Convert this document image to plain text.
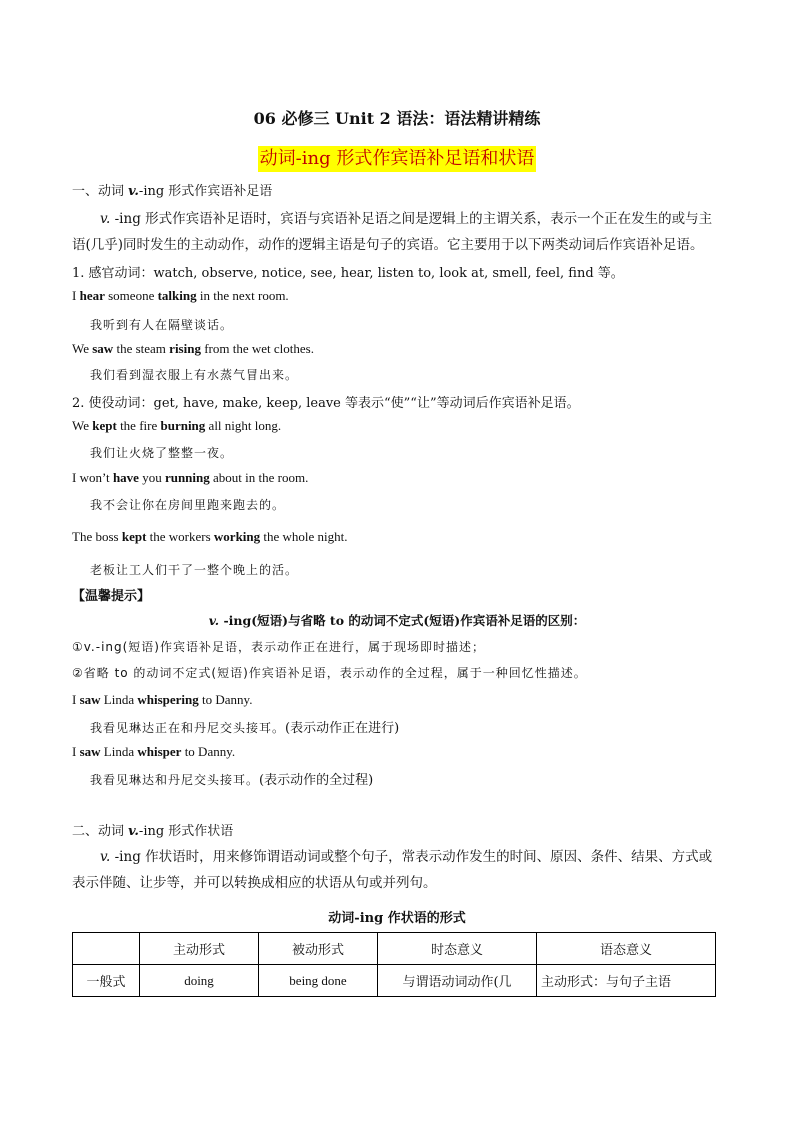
06 必修三 Unit 2 语法：语法精讲精练
动词-ing 形式作宾语补足语和状语
一、动词 v.-ing 形式作宾语补足语
v. -ing 形式作宾语补足语时，宾语与宾语补足语之间是逻辑上的主谓关系，表示一个正在发生的或与主
语(几乎)同时发生的主动动作，动作的逻辑主语是句子的宾语。它主要用于以下两类动词后作宾语补足语。
1. 感官动词：watch, observe, notice, see, hear, listen to, look at, smell, feel, find 等。
I hear someone talking in the next room.
我听到有人在隔壁谈话。
We saw the steam rising from the wet clothes.
我们看到湿衣服上有水蒸气冒出来。
2. 使役动词：get, have, make, keep, leave 等表示“使”“让”等动词后作宾语补足语。
We kept the fire burning all night long.
我们让火烧了整整一夜。
I won’t have you running about in the room.
我不会让你在房间里跑来跑去的。
The boss kept the workers working the whole night.
老板让工人们干了一整个晚上的活。
【温馨提示】
v. -ing(短语)与省略 to 的动词不定式(短语)作宾语补足语的区别：
①v.-ing(短语)作宾语补足语，表示动作正在进行，属于现场即时描述；
②省略 to 的动词不定式(短语)作宾语补足语，表示动作的全过程，属于一种回忆性描述。
I saw Linda whispering to Danny.
我看见琳达正在和丹尼交头接耳。(表示动作正在进行)
I saw Linda whisper to Danny.
我看见琳达和丹尼交头接耳。(表示动作的全过程)
二、动词 v.-ing 形式作状语
v. -ing 作状语时，用来修饰谓语动词或整个句子，常表示动作发生的时间、原因、条件、结果、方式或
表示伴随、让步等，并可以转换成相应的状语从句或并列句。
动词-ing 作状语的形式
	主动形式	被动形式	时态意义	语态意义
一般式	doing	being done	与谓语动词动作(几	主动形式：与句子主语
